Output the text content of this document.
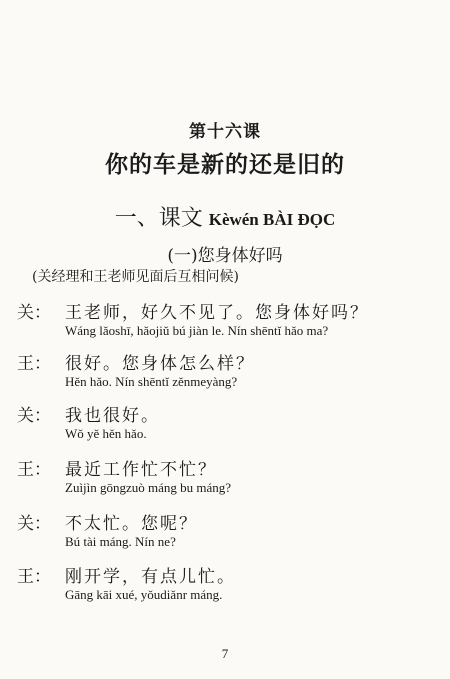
第十六课
你的车是新的还是旧的
一、课文 Kèwén BÀI ĐỌC
(一)您身体好吗
(关经理和王老师见面后互相问候)
关： 王老师，好久不见了。您身体好吗？
Wáng lǎoshī, hǎojiǔ bú jiàn le. Nín shēntǐ hǎo ma?
王： 很好。您身体怎么样？
Hěn hǎo. Nín shēntǐ zěnmeyàng?
关： 我也很好。
Wǒ yě hěn hǎo.
王： 最近工作忙不忙？
Zuìjìn gōngzuò máng bu máng?
关： 不太忙。您呢？
Bú tài máng. Nín ne?
王： 刚开学，有点儿忙。
Gāng kāi xué, yǒudiǎnr máng.
7
